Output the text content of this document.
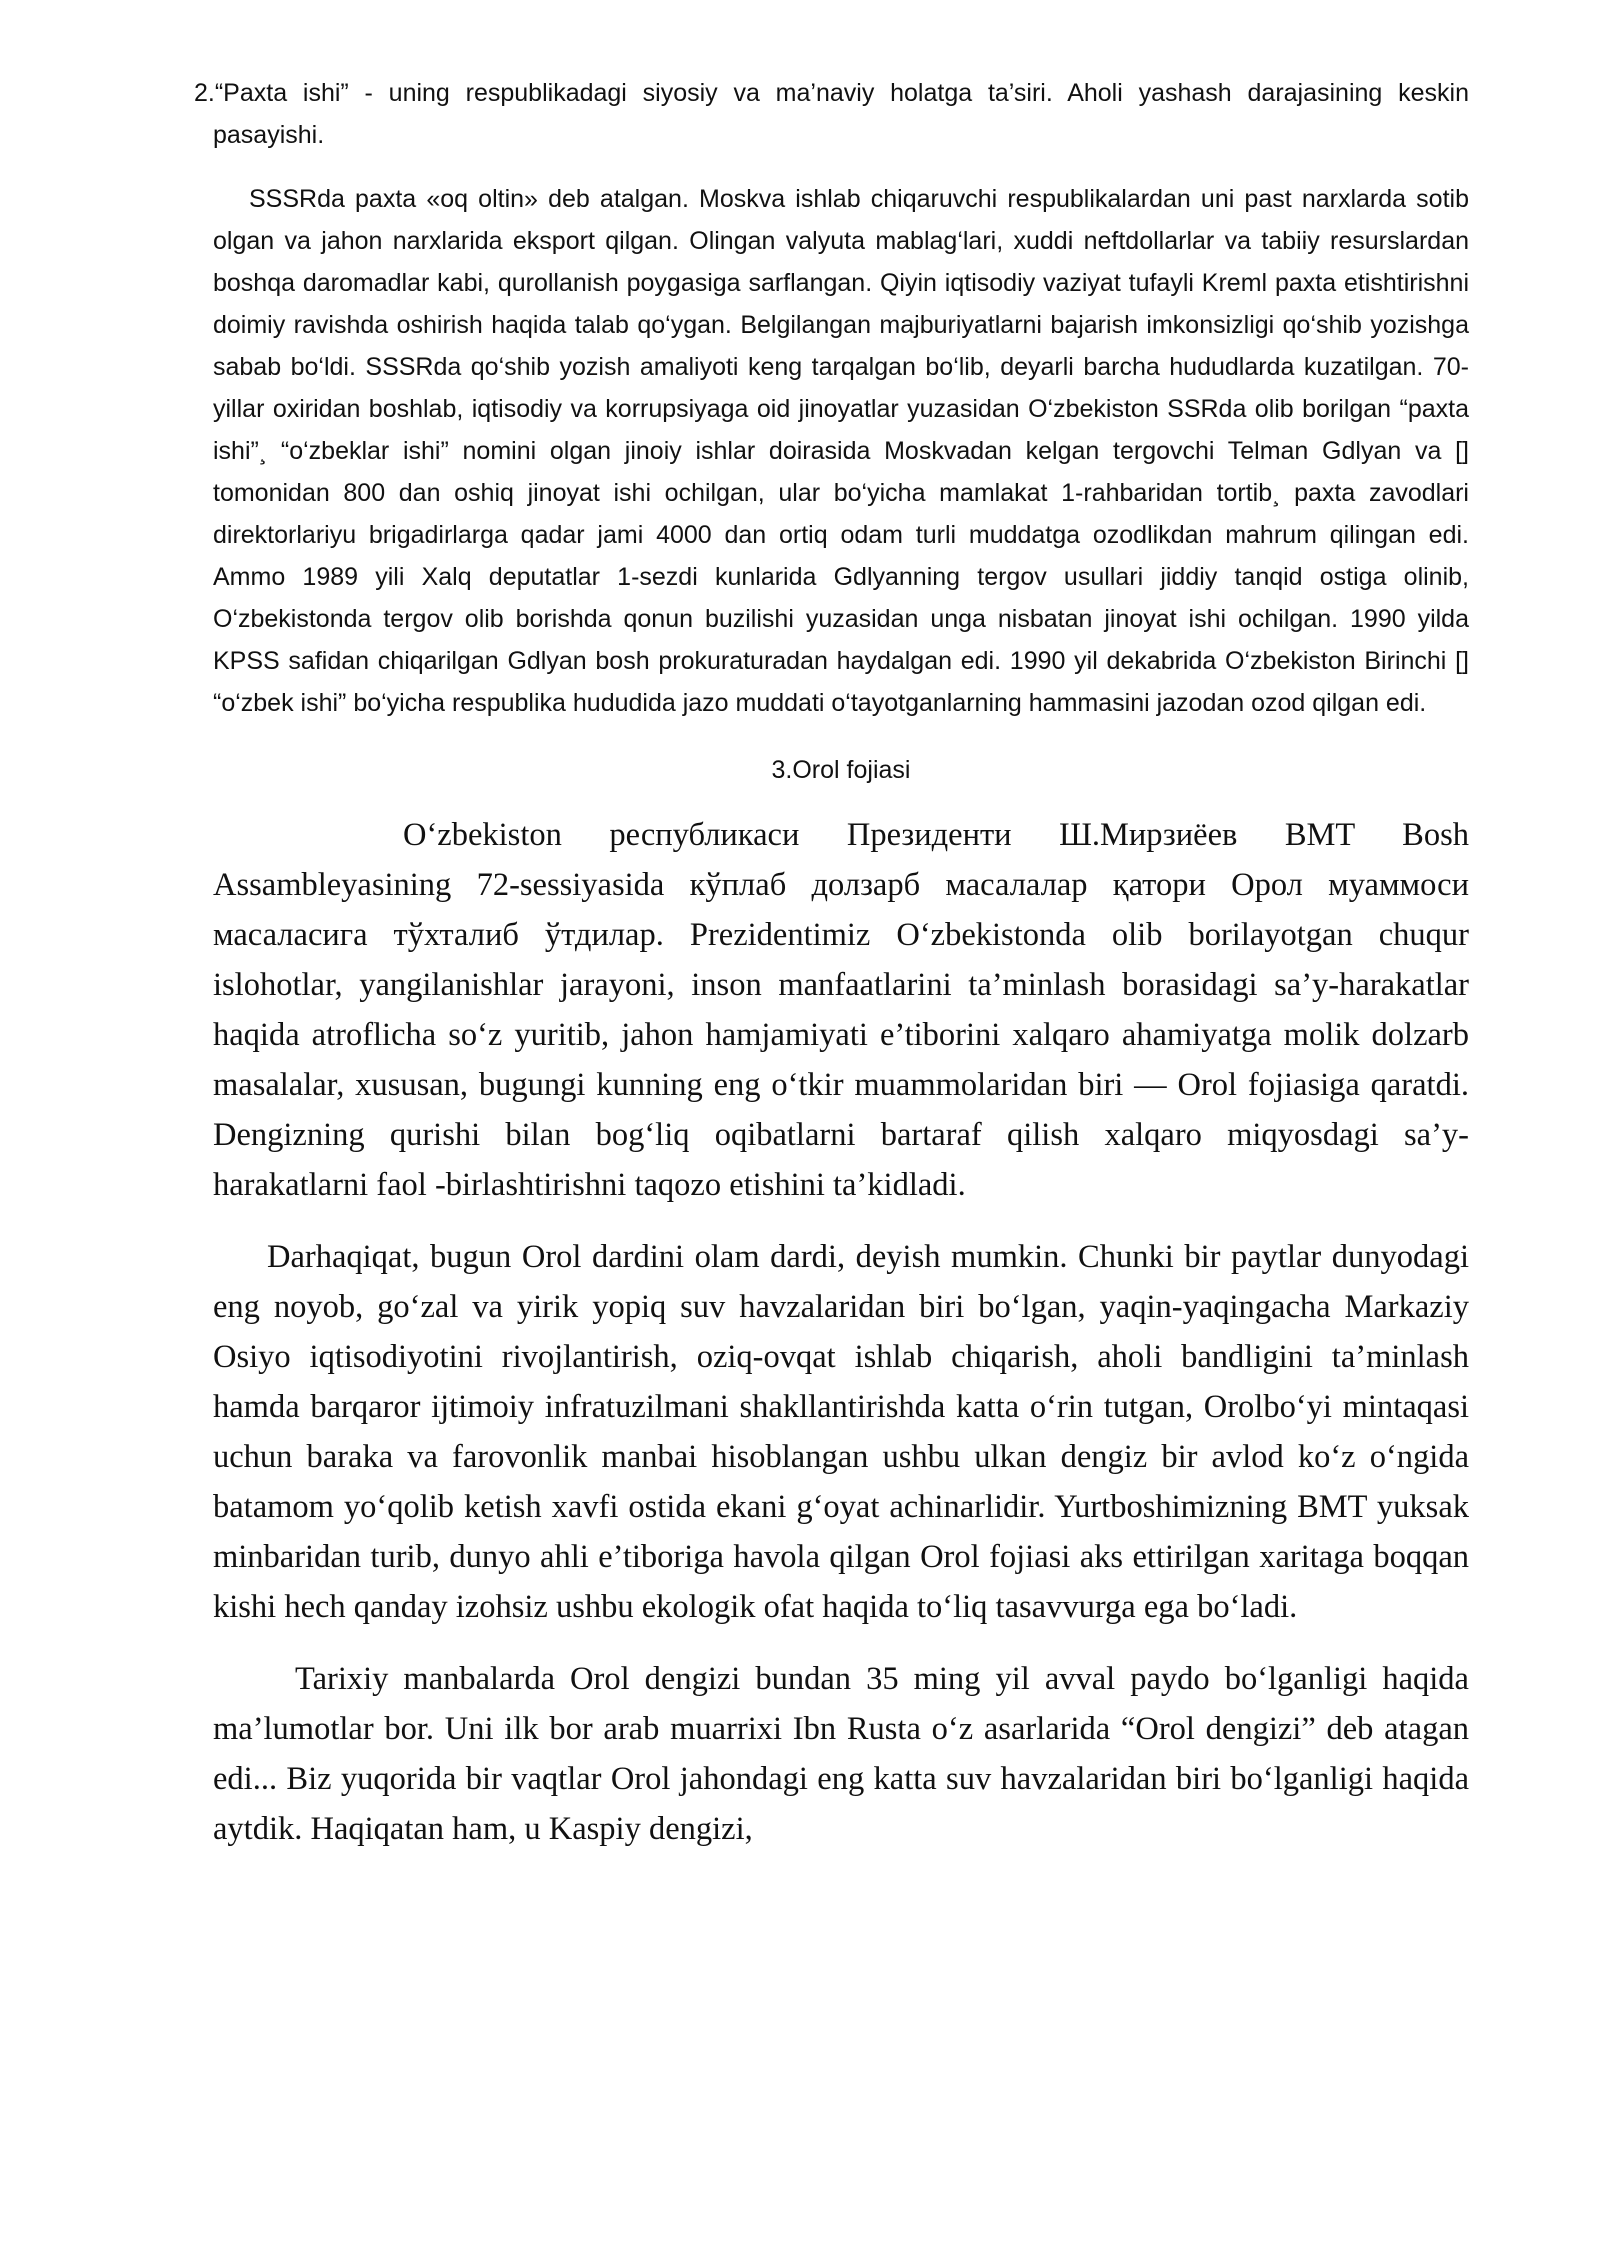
2.“Paxta ishi” - uning respublikadagi siyosiy va ma’naviy holatga ta’siri. Aholi yashash darajasining keskin pasayishi.

SSSRda paxta «oq oltin» deb atalgan. Moskva ishlab chiqaruvchi respublikalardan uni past narxlarda sotib olgan va jahon narxlarida eksport qilgan. Olingan valyuta mablag‘lari, xuddi neftdollarlar va tabiiy resurslardan boshqa daromadlar kabi, qurollanish poygasiga sarflangan. Qiyin iqtisodiy vaziyat tufayli Kreml paxta etishtirishni doimiy ravishda oshirish haqida talab qo‘ygan. Belgilangan majburiyatlarni bajarish imkonsizligi qo‘shib yozishga sabab bo‘ldi. SSSRda qo‘shib yozish amaliyoti keng tarqalgan bo‘lib, deyarli barcha hududlarda kuzatilgan. 70- yillar oxiridan boshlab, iqtisodiy va korrupsiyaga oid jinoyatlar yuzasidan O‘zbekiston SSRda olib borilgan “paxta ishi”¸ “o‘zbeklar ishi” nomini olgan jinoiy ishlar doirasida Moskvadan kelgan tergovchi Telman Gdlyan va [] tomonidan 800 dan oshiq jinoyat ishi ochilgan, ular bo‘yicha mamlakat 1-rahbaridan tortib¸ paxta zavodlari direktorlariyu brigadirlarga qadar jami 4000 dan ortiq odam turli muddatga ozodlikdan mahrum qilingan edi. Ammo 1989 yili Xalq deputatlar 1-sezdi kunlarida Gdlyanning tergov usullari jiddiy tanqid ostiga olinib, O‘zbekistonda tergov olib borishda qonun buzilishi yuzasidan unga nisbatan jinoyat ishi ochilgan. 1990 yilda KPSS safidan chiqarilgan Gdlyan bosh prokuraturadan haydalgan edi. 1990 yil dekabrida O‘zbekiston Birinchi [] “o‘zbek ishi” bo‘yicha respublika hududida jazo muddati o‘tayotganlarning hammasini jazodan ozod qilgan edi.

3.Orol fojiasi

O‘zbekiston республикаси Президенти Ш.Мирзиёев BMT Bosh Assambleyasining 72-sessiyasida кўплаб долзарб масалалар қатори Орол муаммоси масаласига тўхталиб ўтдилар. Prezidentimiz O‘zbekistonda olib borilayotgan chuqur islohotlar, yangilanishlar jarayoni, inson manfaatlarini ta’minlash borasidagi sa’y-harakatlar haqida atroflicha so‘z yuritib, jahon hamjamiyati e’tiborini xalqaro ahamiyatga molik dolzarb masalalar, xususan, bugungi kunning eng o‘tkir muammolaridan biri — Orol fojiasiga qaratdi. Dengizning qurishi bilan bog‘liq oqibatlarni bartaraf qilish xalqaro miqyosdagi sa’y-harakatlarni faol -birlashtirishni taqozo etishini ta’kidladi.

Darhaqiqat, bugun Orol dardini olam dardi, deyish mumkin. Chunki bir paytlar dunyodagi eng noyob, go‘zal va yirik yopiq suv havzalaridan biri bo‘lgan, yaqin-yaqingacha Markaziy Osiyo iqtisodiyotini rivojlantirish, oziq-ovqat ishlab chiqarish, aholi bandligini ta’minlash hamda barqaror ijtimoiy infratuzilmani shakllantirishda katta o‘rin tutgan, Orolbo‘yi mintaqasi uchun baraka va farovonlik manbai hisoblangan ushbu ulkan dengiz bir avlod ko‘z o‘ngida batamom yo‘qolib ketish xavfi ostida ekani g‘oyat achinarlidir. Yurtboshimizning BMT yuksak minbaridan turib, dunyo ahli e’tiboriga havola qilgan Orol fojiasi aks ettirilgan xaritaga boqqan kishi hech qanday izohsiz ushbu ekologik ofat haqida to‘liq tasavvurga ega bo‘ladi.

Tarixiy manbalarda Orol dengizi bundan 35 ming yil avval paydo bo‘lganligi haqida ma’lumotlar bor. Uni ilk bor arab muarrixi Ibn Rusta o‘z asarlarida “Orol dengizi” deb atagan edi... Biz yuqorida bir vaqtlar Orol jahondagi eng katta suv havzalaridan biri bo‘lganligi haqida aytdik. Haqiqatan ham, u Kaspiy dengizi,
